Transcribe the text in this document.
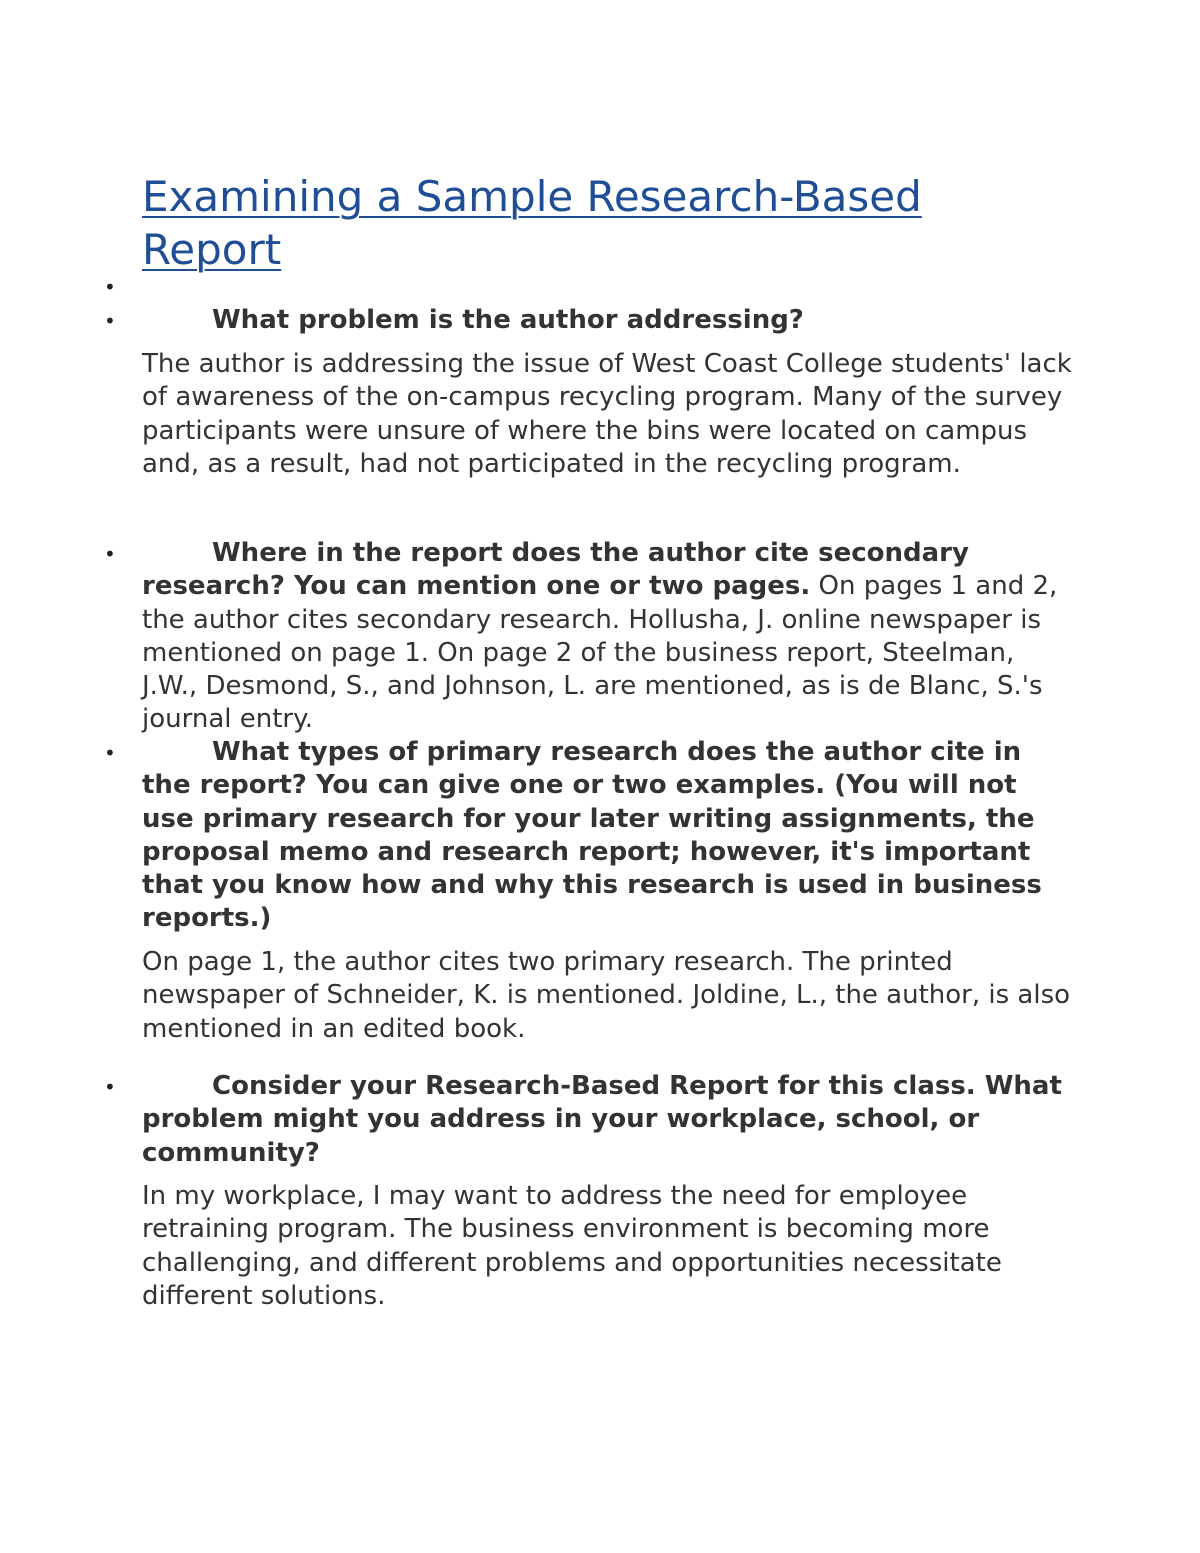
Examining a Sample Research-Based Report
•
•	What problem is the author addressing?

The author is addressing the issue of West Coast College students' lack of awareness of the on-campus recycling program. Many of the survey participants were unsure of where the bins were located on campus and, as a result, had not participated in the recycling program.

•	Where in the report does the author cite secondary research? You can mention one or two pages. On pages 1 and 2, the author cites secondary research. Hollusha, J. online newspaper is mentioned on page 1. On page 2 of the business report, Steelman, J.W., Desmond, S., and Johnson, L. are mentioned, as is de Blanc, S.'s journal entry.

•	What types of primary research does the author cite in the report? You can give one or two examples. (You will not use primary research for your later writing assignments, the proposal memo and research report; however, it's important that you know how and why this research is used in business reports.)

On page 1, the author cites two primary research. The printed newspaper of Schneider, K. is mentioned. Joldine, L., the author, is also mentioned in an edited book.

•	Consider your Research-Based Report for this class. What problem might you address in your workplace, school, or community?

In my workplace, I may want to address the need for employee retraining program. The business environment is becoming more challenging, and different problems and opportunities necessitate different solutions.
